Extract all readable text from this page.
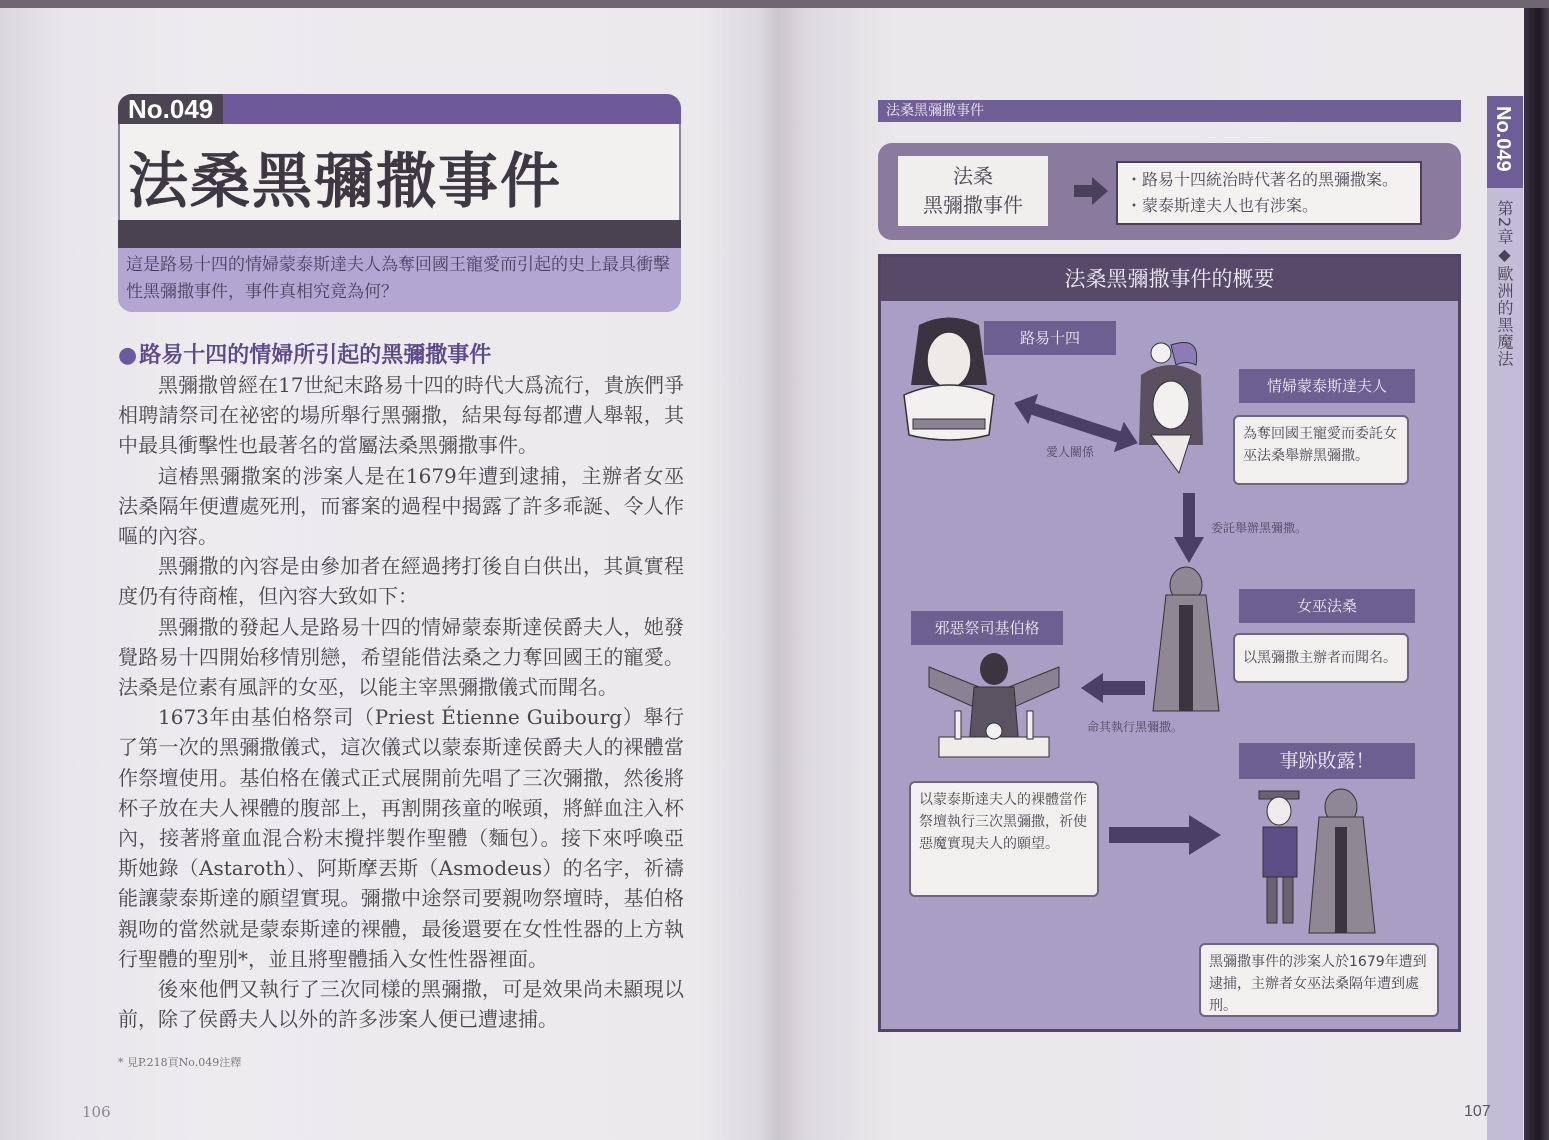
No.049
法桑黑彌撒事件
這是路易十四的情婦蒙泰斯達夫人為奪回國王寵愛而引起的史上最具衝擊性黑彌撒事件，事件真相究竟為何？
●路易十四的情婦所引起的黑彌撒事件

黑彌撒曾經在17世紀末路易十四的時代大爲流行，貴族們爭相聘請祭司在祕密的場所舉行黑彌撒，結果每每都遭人舉報，其中最具衝擊性也最著名的當屬法桑黑彌撒事件。

這樁黑彌撒案的涉案人是在1679年遭到逮捕，主辦者女巫法桑隔年便遭處死刑，而審案的過程中揭露了許多乖誕、令人作嘔的內容。

黑彌撒的內容是由參加者在經過拷打後自白供出，其眞實程度仍有待商榷，但內容大致如下：

黑彌撒的發起人是路易十四的情婦蒙泰斯達侯爵夫人，她發覺路易十四開始移情別戀，希望能借法桑之力奪回國王的寵愛。法桑是位素有風評的女巫，以能主宰黑彌撒儀式而聞名。

1673年由基伯格祭司（Priest Étienne Guibourg）舉行了第一次的黑彌撒儀式，這次儀式以蒙泰斯達侯爵夫人的裸體當作祭壇使用。基伯格在儀式正式展開前先唱了三次彌撒，然後將杯子放在夫人裸體的腹部上，再割開孩童的喉頭，將鮮血注入杯內，接著將童血混合粉末攪拌製作聖體（麵包）。接下來呼喚亞斯她錄（Astaroth）、阿斯摩丟斯（Asmodeus）的名字，祈禱能讓蒙泰斯達的願望實現。彌撒中途祭司要親吻祭壇時，基伯格親吻的當然就是蒙泰斯達的裸體，最後還要在女性性器的上方執行聖體的聖別*，並且將聖體插入女性性器裡面。

後來他們又執行了三次同樣的黑彌撒，可是效果尚未顯現以前，除了侯爵夫人以外的許多涉案人便已遭逮捕。

* 見P.218頁No.049注釋
106
法桑黑彌撒事件
法桑
黑彌撒事件
・路易十四統治時代著名的黑彌撒案。
・蒙泰斯達夫人也有涉案。
法桑黑彌撒事件的概要
路易十四
愛人關係
情婦蒙泰斯達夫人
為奪回國王寵愛而委託女巫法桑舉辦黑彌撒。
委託舉辦黑彌撒。
女巫法桑
以黑彌撒主辦者而聞名。
命其執行黑彌撒。
邪惡祭司基伯格
以蒙泰斯達夫人的裸體當作祭壇執行三次黑彌撒，祈使惡魔實現夫人的願望。
事跡敗露！
黑彌撒事件的涉案人於1679年遭到逮捕，主辦者女巫法桑隔年遭到處刑。
No.049
第2章◆歐洲的黑魔法
107
